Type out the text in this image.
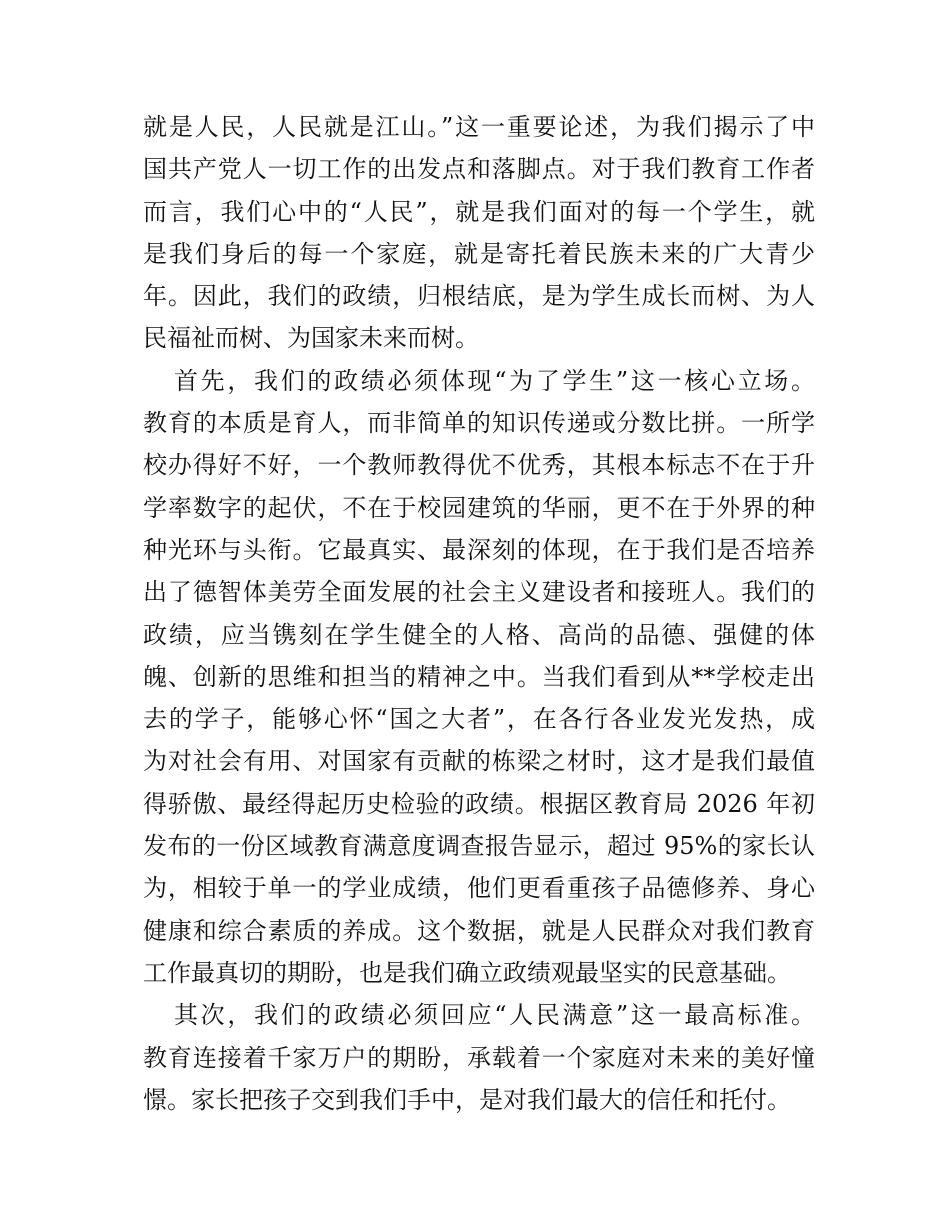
就是人民，人民就是江山。”这一重要论述，为我们揭示了中
国共产党人一切工作的出发点和落脚点。对于我们教育工作者
而言，我们心中的“人民”，就是我们面对的每一个学生，就
是我们身后的每一个家庭，就是寄托着民族未来的广大青少
年。因此，我们的政绩，归根结底，是为学生成长而树、为人
民福祉而树、为国家未来而树。
首先，我们的政绩必须体现“为了学生”这一核心立场。
教育的本质是育人，而非简单的知识传递或分数比拼。一所学
校办得好不好，一个教师教得优不优秀，其根本标志不在于升
学率数字的起伏，不在于校园建筑的华丽，更不在于外界的种
种光环与头衔。它最真实、最深刻的体现，在于我们是否培养
出了德智体美劳全面发展的社会主义建设者和接班人。我们的
政绩，应当镌刻在学生健全的人格、高尚的品德、强健的体
魄、创新的思维和担当的精神之中。当我们看到从**学校走出
去的学子，能够心怀“国之大者”，在各行各业发光发热，成
为对社会有用、对国家有贡献的栋梁之材时，这才是我们最值
得骄傲、最经得起历史检验的政绩。根据区教育局 2026 年初
发布的一份区域教育满意度调查报告显示，超过 95%的家长认
为，相较于单一的学业成绩，他们更看重孩子品德修养、身心
健康和综合素质的养成。这个数据，就是人民群众对我们教育
工作最真切的期盼，也是我们确立政绩观最坚实的民意基础。
其次，我们的政绩必须回应“人民满意”这一最高标准。
教育连接着千家万户的期盼，承载着一个家庭对未来的美好憧
憬。家长把孩子交到我们手中，是对我们最大的信任和托付。
